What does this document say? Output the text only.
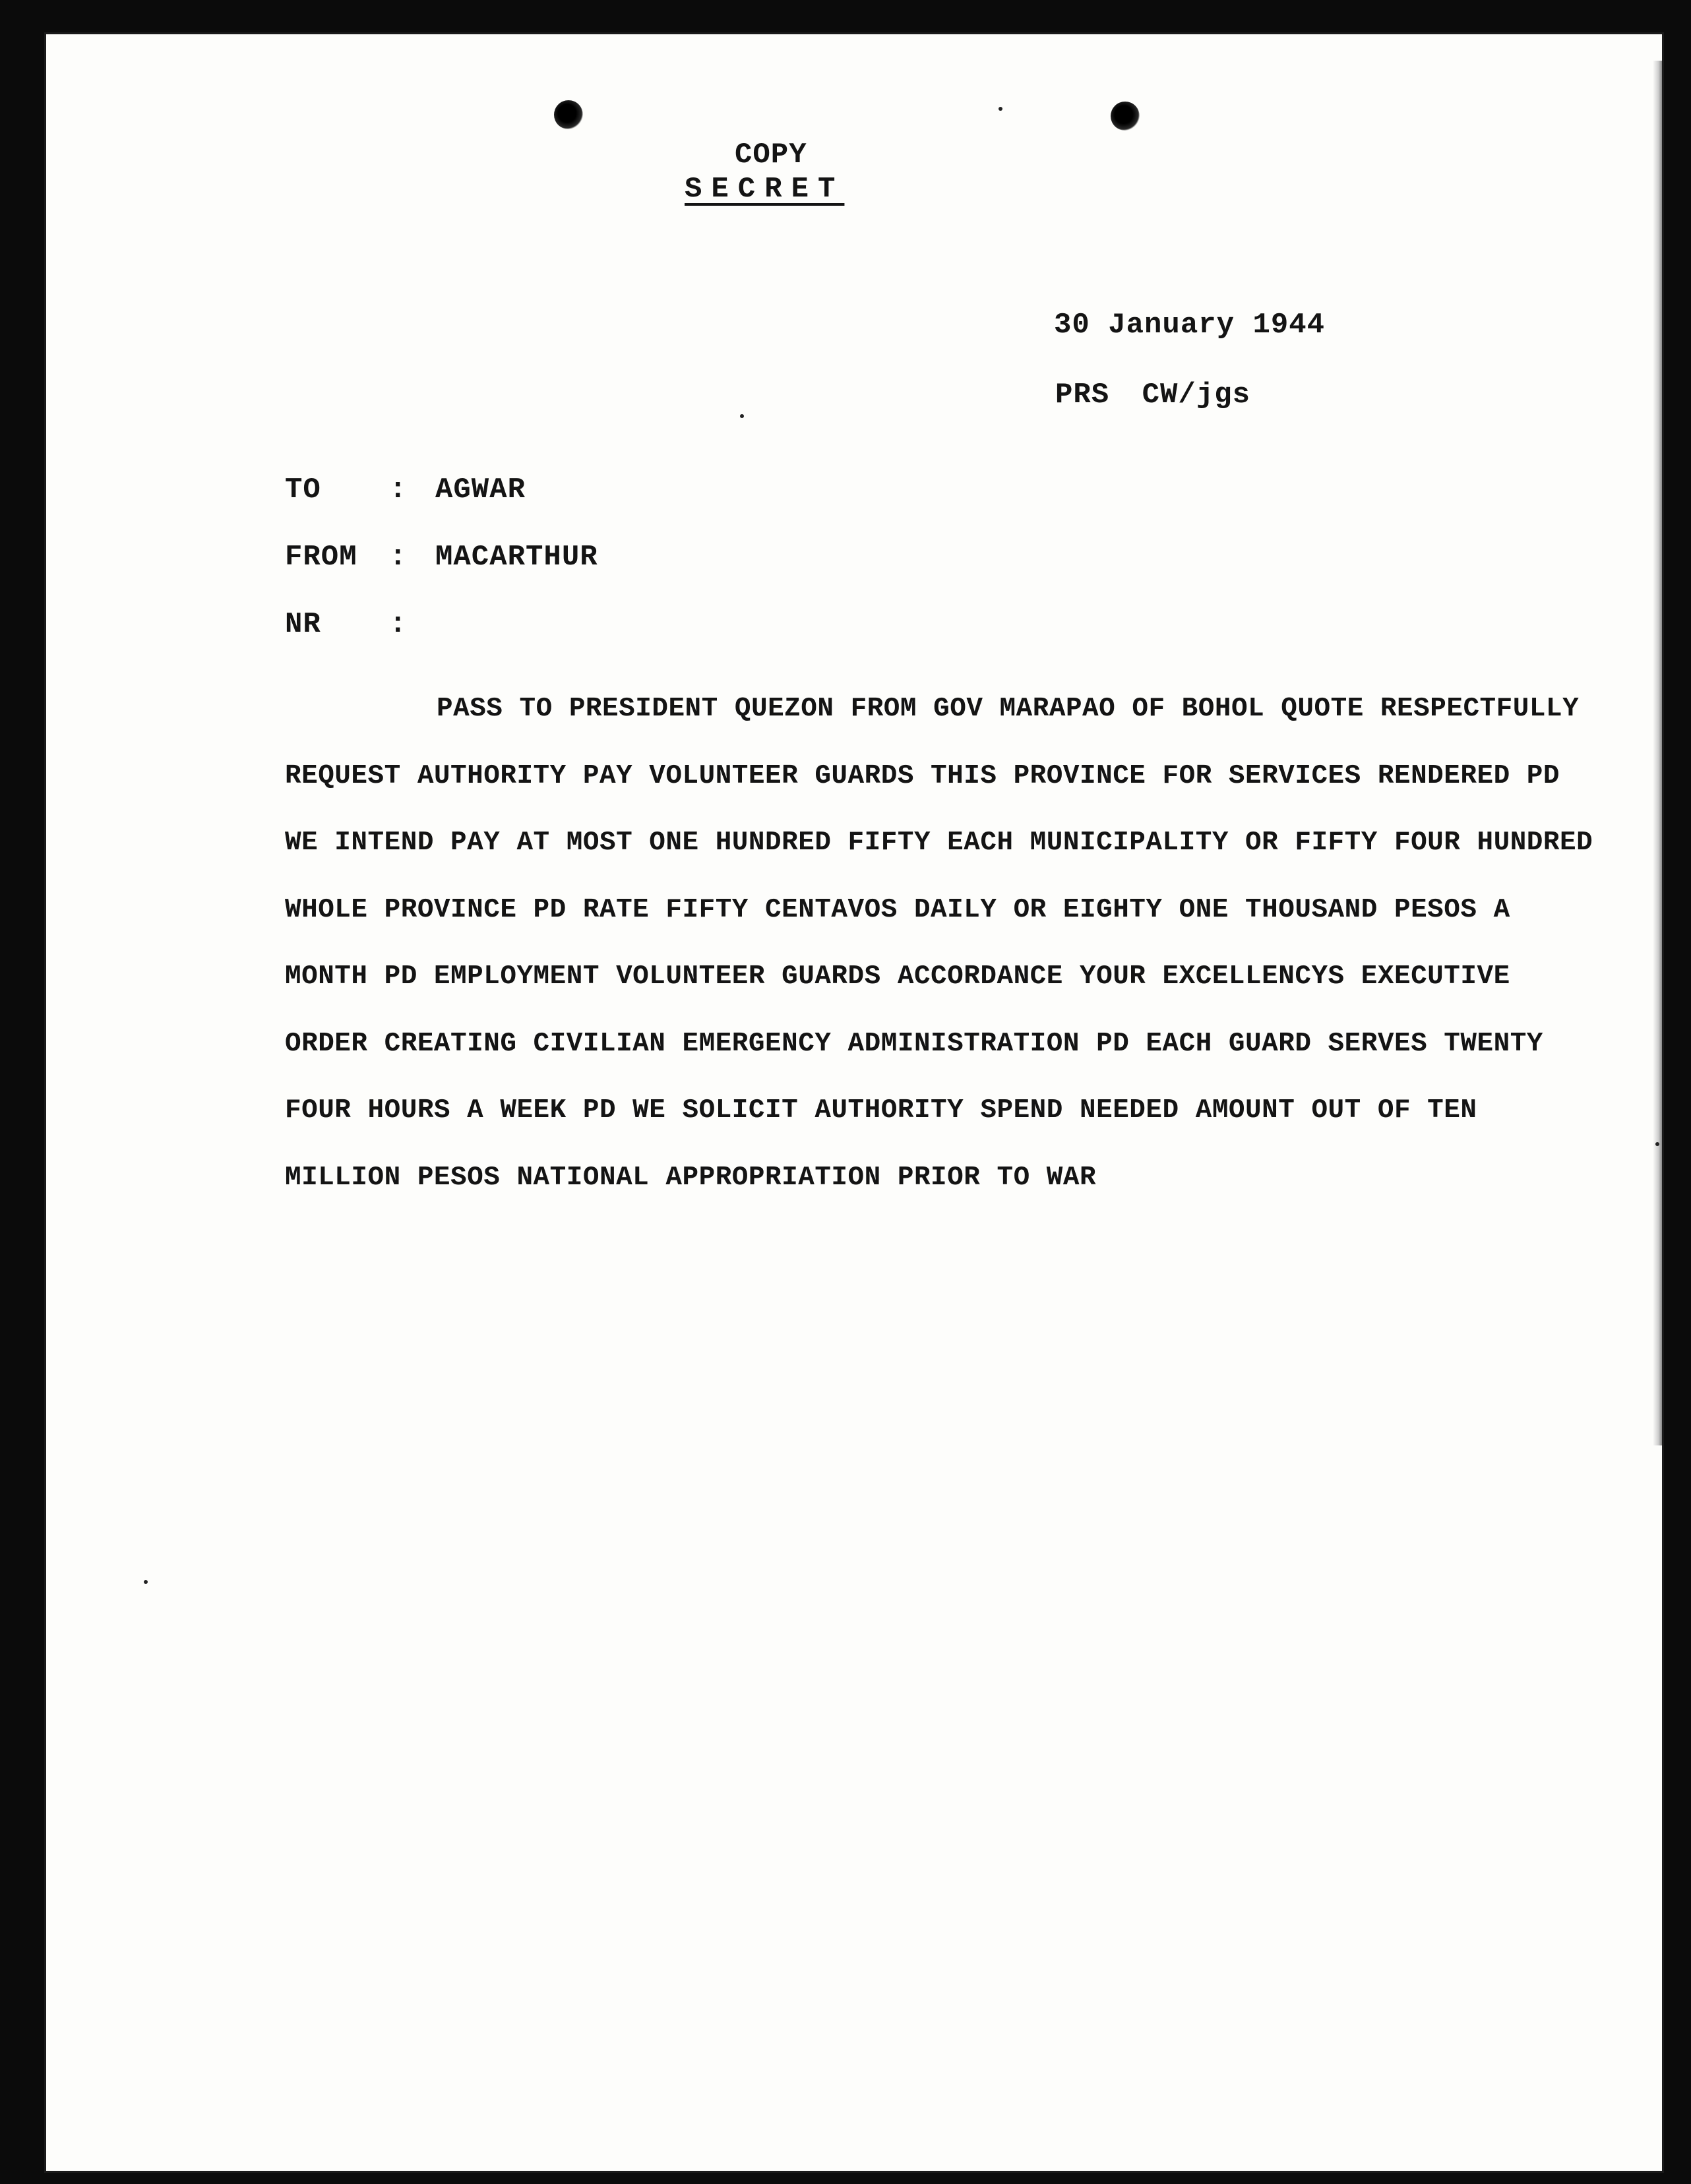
COPY
SECRET
30 January 1944
PRS CW/jgs
TO : AGWAR
FROM : MACARTHUR
NR :
PASS TO PRESIDENT QUEZON FROM GOV MARAPAO OF BOHOL QUOTE RESPECTFULLY
REQUEST AUTHORITY PAY VOLUNTEER GUARDS THIS PROVINCE FOR SERVICES RENDERED PD
WE INTEND PAY AT MOST ONE HUNDRED FIFTY EACH MUNICIPALITY OR FIFTY FOUR HUNDRED
WHOLE PROVINCE PD RATE FIFTY CENTAVOS DAILY OR EIGHTY ONE THOUSAND PESOS A
MONTH PD EMPLOYMENT VOLUNTEER GUARDS ACCORDANCE YOUR EXCELLENCYS EXECUTIVE
ORDER CREATING CIVILIAN EMERGENCY ADMINISTRATION PD EACH GUARD SERVES TWENTY
FOUR HOURS A WEEK PD WE SOLICIT AUTHORITY SPEND NEEDED AMOUNT OUT OF TEN
MILLION PESOS NATIONAL APPROPRIATION PRIOR TO WAR
